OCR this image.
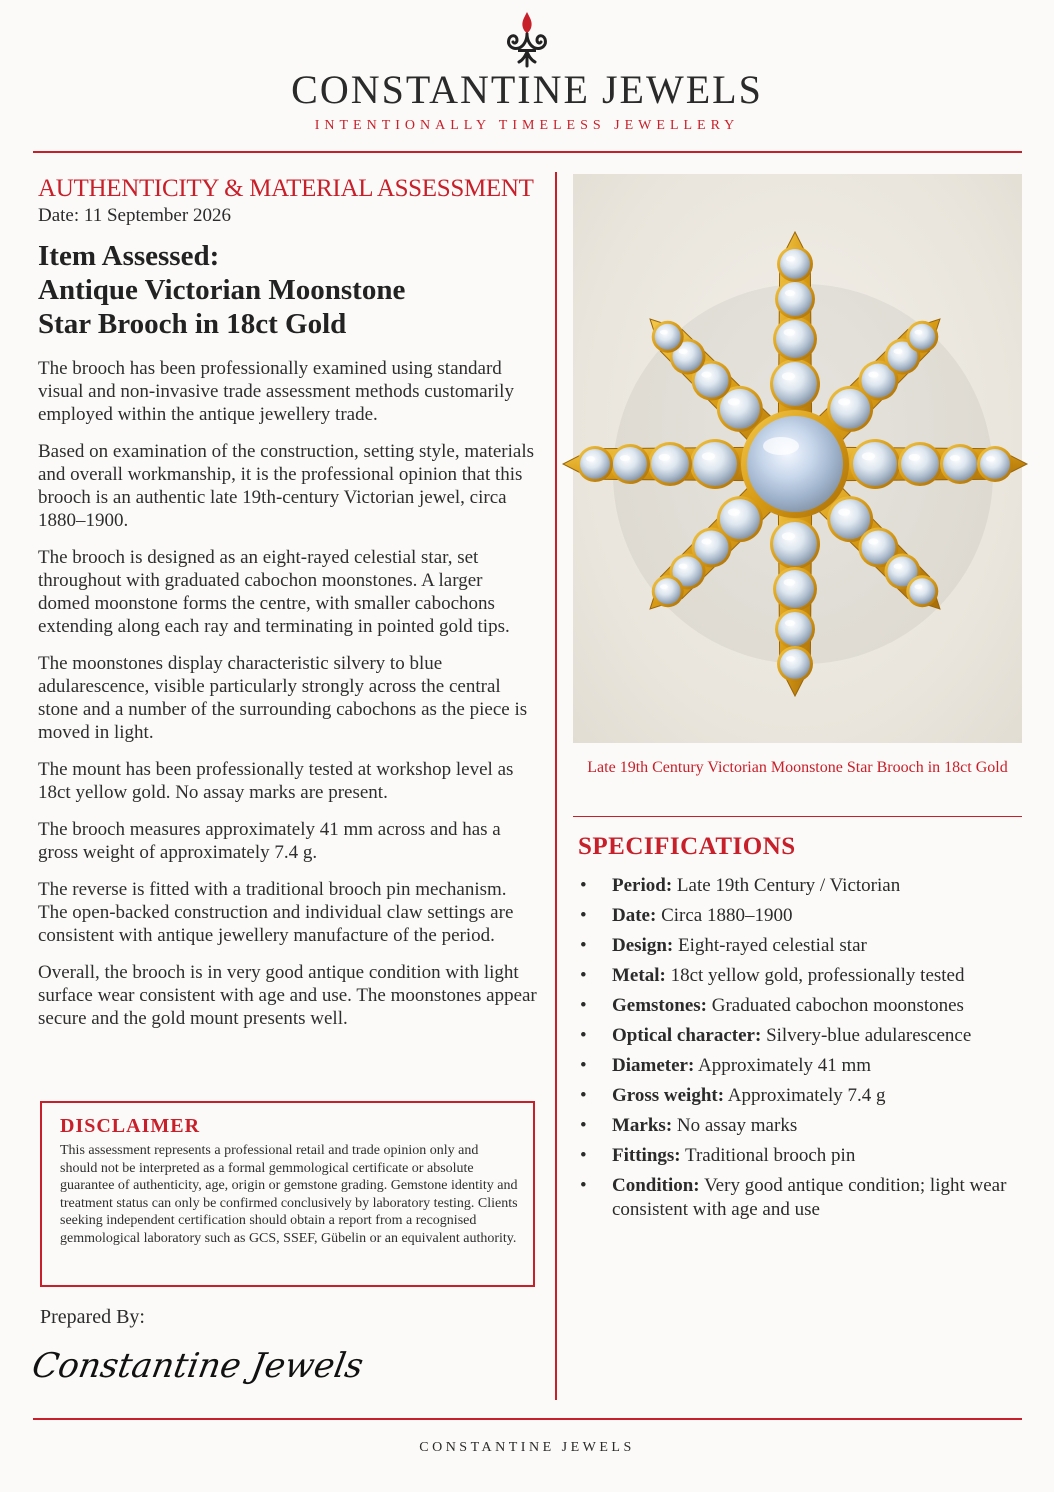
CONSTANTINE JEWELS
INTENTIONALLY TIMELESS JEWELLERY
AUTHENTICITY & MATERIAL ASSESSMENT
Date: 11 September 2026
Item Assessed:
Antique Victorian Moonstone
Star Brooch in 18ct Gold

The brooch has been professionally examined using standard visual and non-invasive trade assessment methods customarily employed within the antique jewellery trade.

Based on examination of the construction, setting style, materials and overall workmanship, it is the professional opinion that this brooch is an authentic late 19th-century Victorian jewel, circa 1880–1900.

The brooch is designed as an eight-rayed celestial star, set throughout with graduated cabochon moonstones. A larger domed moonstone forms the centre, with smaller cabochons extending along each ray and terminating in pointed gold tips.

The moonstones display characteristic silvery to blue adularescence, visible particularly strongly across the central stone and a number of the surrounding cabochons as the piece is moved in light.

The mount has been professionally tested at workshop level as 18ct yellow gold. No assay marks are present.

The brooch measures approximately 41 mm across and has a gross weight of approximately 7.4 g.

The reverse is fitted with a traditional brooch pin mechanism. The open-backed construction and individual claw settings are consistent with antique jewellery manufacture of the period.

Overall, the brooch is in very good antique condition with light surface wear consistent with age and use. The moonstones appear secure and the gold mount presents well.

DISCLAIMER
This assessment represents a professional retail and trade opinion only and should not be interpreted as a formal gemmological certificate or absolute guarantee of authenticity, age, origin or gemstone grading. Gemstone identity and treatment status can only be confirmed conclusively by laboratory testing. Clients seeking independent certification should obtain a report from a recognised gemmological laboratory such as GCS, SSEF, Gübelin or an equivalent authority.
Prepared By:
Constantine Jewels
Late 19th Century Victorian Moonstone Star Brooch in 18ct Gold
SPECIFICATIONS
• Period: Late 19th Century / Victorian
• Date: Circa 1880–1900
• Design: Eight-rayed celestial star
• Metal: 18ct yellow gold, professionally tested
• Gemstones: Graduated cabochon moonstones
• Optical character: Silvery-blue adularescence
• Diameter: Approximately 41 mm
• Gross weight: Approximately 7.4 g
• Marks: No assay marks
• Fittings: Traditional brooch pin
• Condition: Very good antique condition; light wear consistent with age and use
CONSTANTINE JEWELS
